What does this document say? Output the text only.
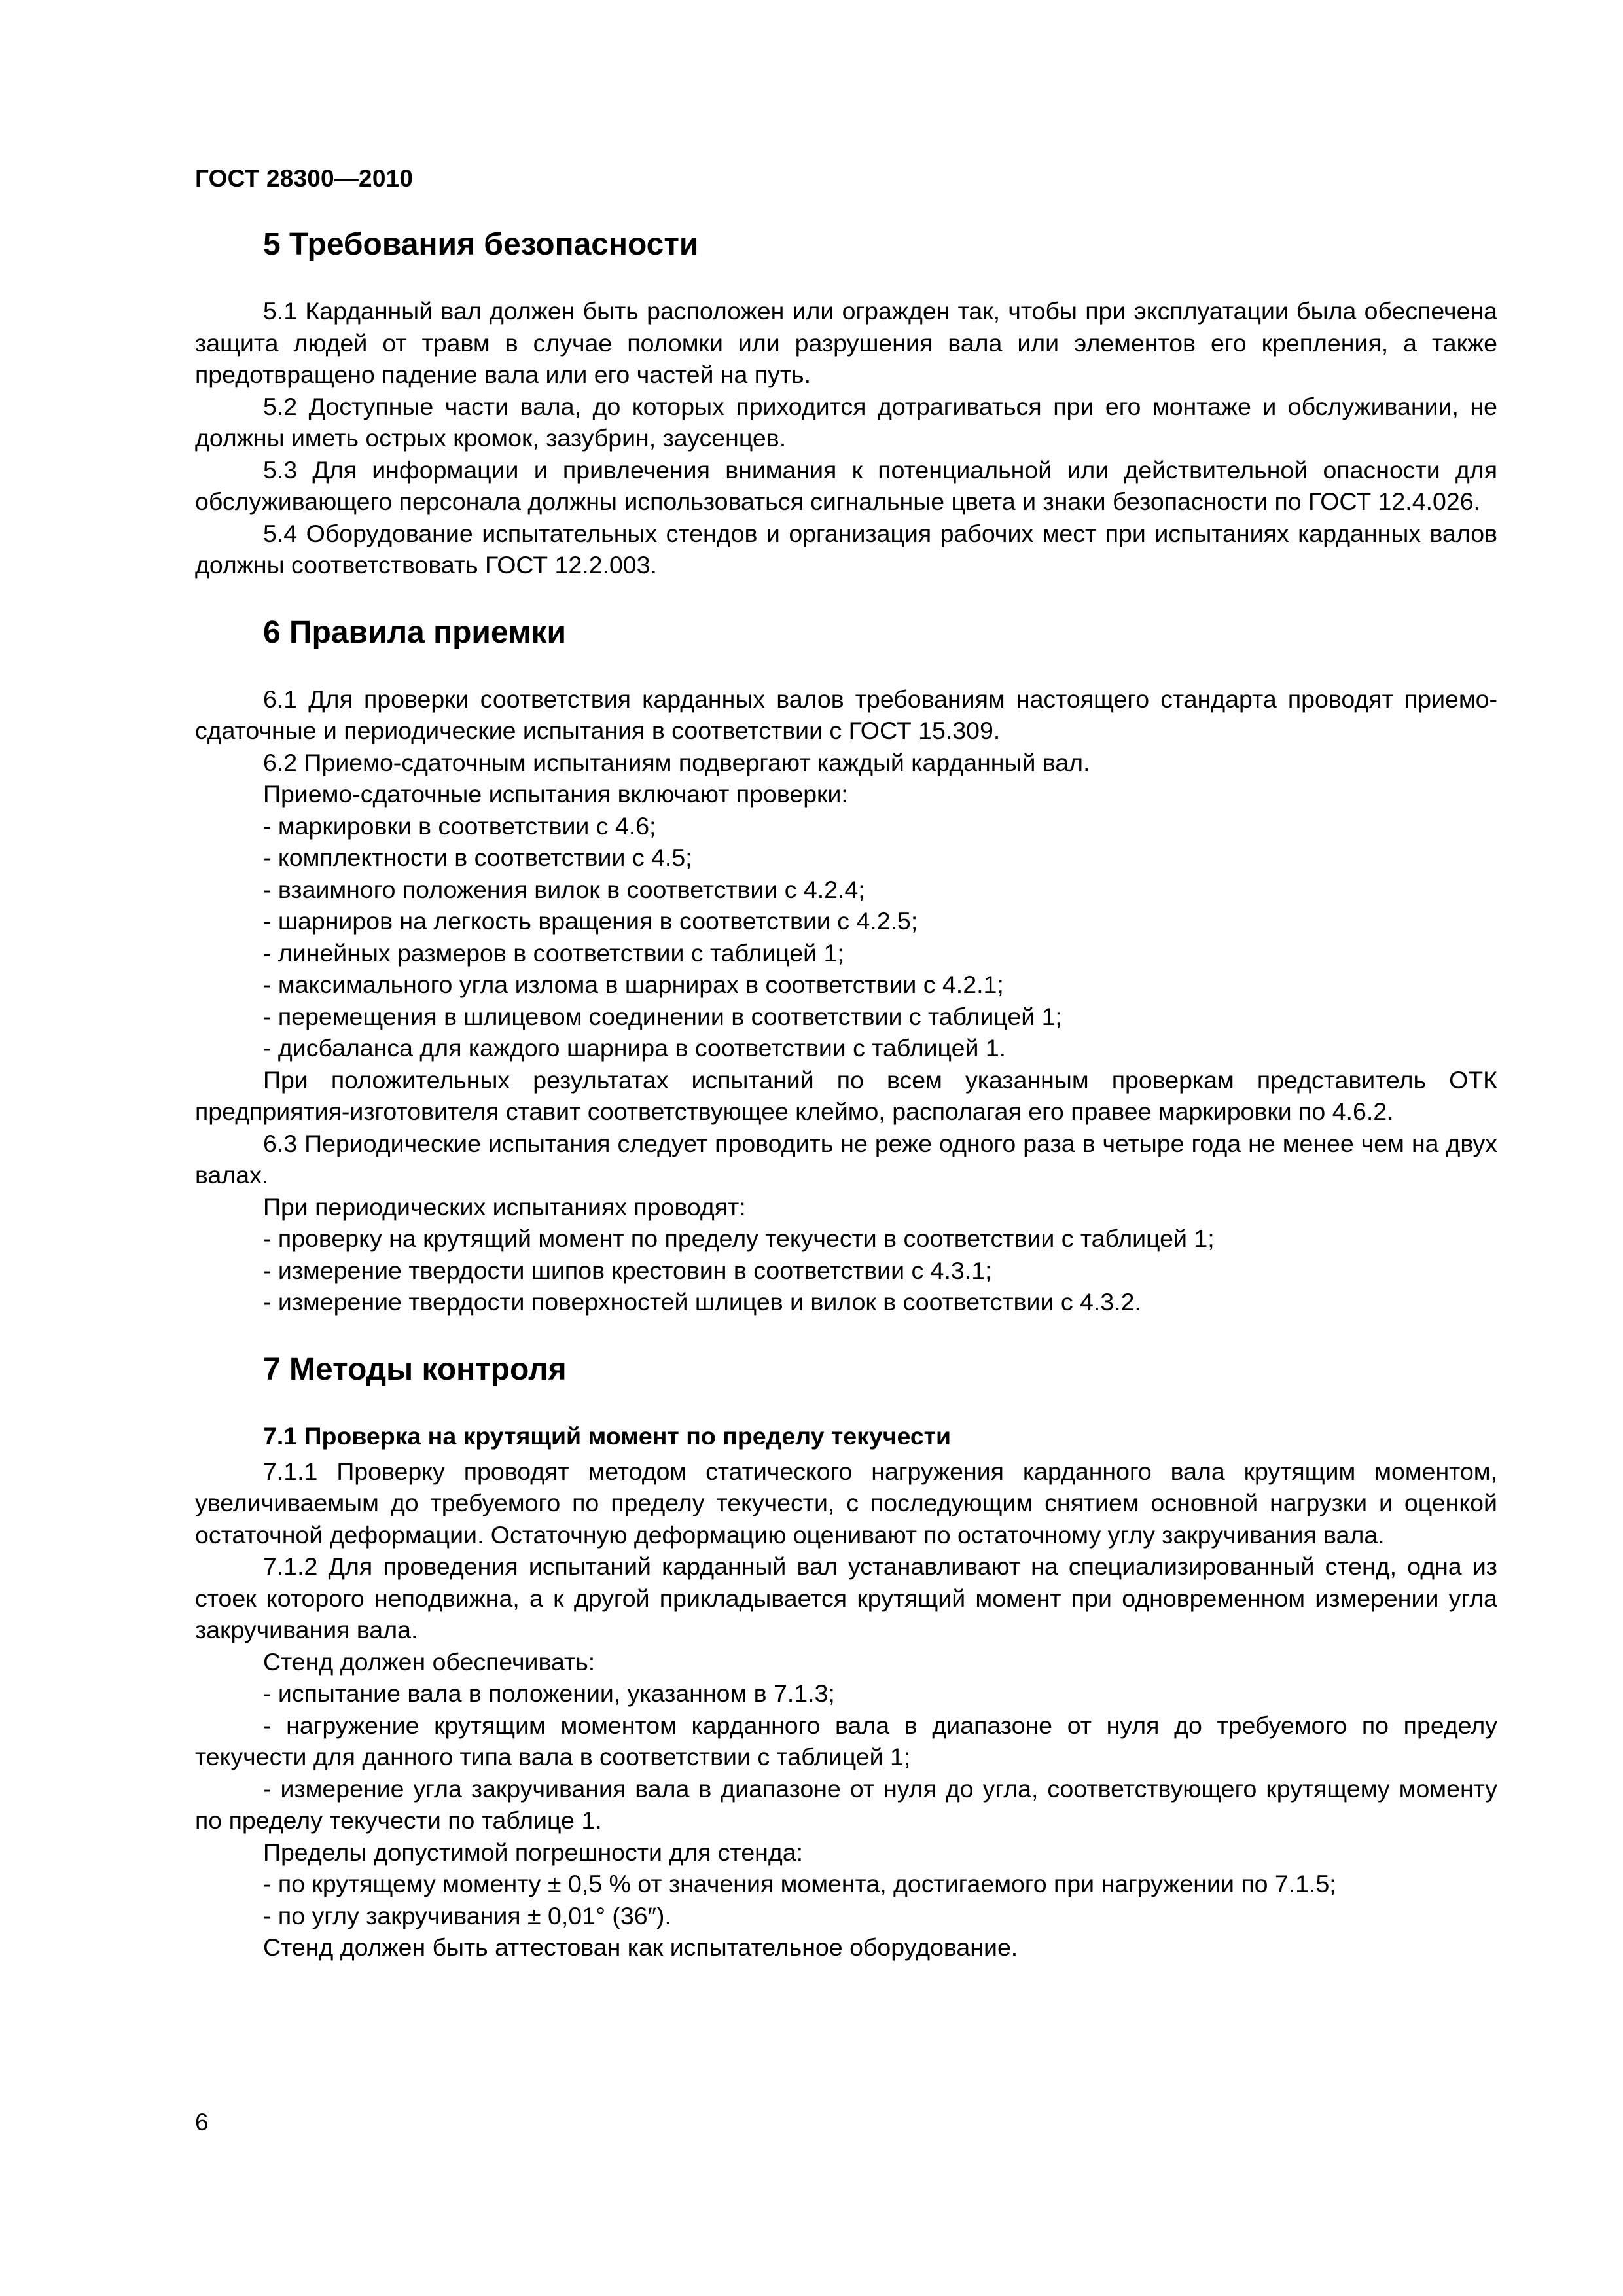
ГОСТ 28300—2010
5 Требования безопасности

5.1 Карданный вал должен быть расположен или огражден так, чтобы при эксплуатации была обеспечена защита людей от травм в случае поломки или разрушения вала или элементов его крепления, а также предотвращено падение вала или его частей на путь.

5.2 Доступные части вала, до которых приходится дотрагиваться при его монтаже и обслуживании, не должны иметь острых кромок, зазубрин, заусенцев.

5.3 Для информации и привлечения внимания к потенциальной или действительной опасности для обслуживающего персонала должны использоваться сигнальные цвета и знаки безопасности по ГОСТ 12.4.026.

5.4 Оборудование испытательных стендов и организация рабочих мест при испытаниях карданных валов должны соответствовать ГОСТ 12.2.003.

6 Правила приемки

6.1 Для проверки соответствия карданных валов требованиям настоящего стандарта проводят приемо-сдаточные и периодические испытания в соответствии с ГОСТ 15.309.

6.2 Приемо-сдаточным испытаниям подвергают каждый карданный вал.

Приемо-сдаточные испытания включают проверки:

- маркировки в соответствии с 4.6;

- комплектности в соответствии с 4.5;

- взаимного положения вилок в соответствии с 4.2.4;

- шарниров на легкость вращения в соответствии с 4.2.5;

- линейных размеров в соответствии с таблицей 1;

- максимального угла излома в шарнирах в соответствии с 4.2.1;

- перемещения в шлицевом соединении в соответствии с таблицей 1;

- дисбаланса для каждого шарнира в соответствии с таблицей 1.

При положительных результатах испытаний по всем указанным проверкам представитель ОТК предприятия-изготовителя ставит соответствующее клеймо, располагая его правее маркировки по 4.6.2.

6.3 Периодические испытания следует проводить не реже одного раза в четыре года не менее чем на двух валах.

При периодических испытаниях проводят:

- проверку на крутящий момент по пределу текучести в соответствии с таблицей 1;

- измерение твердости шипов крестовин в соответствии с 4.3.1;

- измерение твердости поверхностей шлицев и вилок в соответствии с 4.3.2.

7 Методы контроля
7.1 Проверка на крутящий момент по пределу текучести

7.1.1 Проверку проводят методом статического нагружения карданного вала крутящим моментом, увеличиваемым до требуемого по пределу текучести, с последующим снятием основной нагрузки и оценкой остаточной деформации. Остаточную деформацию оценивают по остаточному углу закручивания вала.

7.1.2 Для проведения испытаний карданный вал устанавливают на специализированный стенд, одна из стоек которого неподвижна, а к другой прикладывается крутящий момент при одновременном измерении угла закручивания вала.

Стенд должен обеспечивать:

- испытание вала в положении, указанном в 7.1.3;

- нагружение крутящим моментом карданного вала в диапазоне от нуля до требуемого по пределу текучести для данного типа вала в соответствии с таблицей 1;

- измерение угла закручивания вала в диапазоне от нуля до угла, соответствующего крутящему моменту по пределу текучести по таблице 1.

Пределы допустимой погрешности для стенда:

- по крутящему моменту ± 0,5 % от значения момента, достигаемого при нагружении по 7.1.5;

- по углу закручивания ± 0,01° (36″).

Стенд должен быть аттестован как испытательное оборудование.

6
